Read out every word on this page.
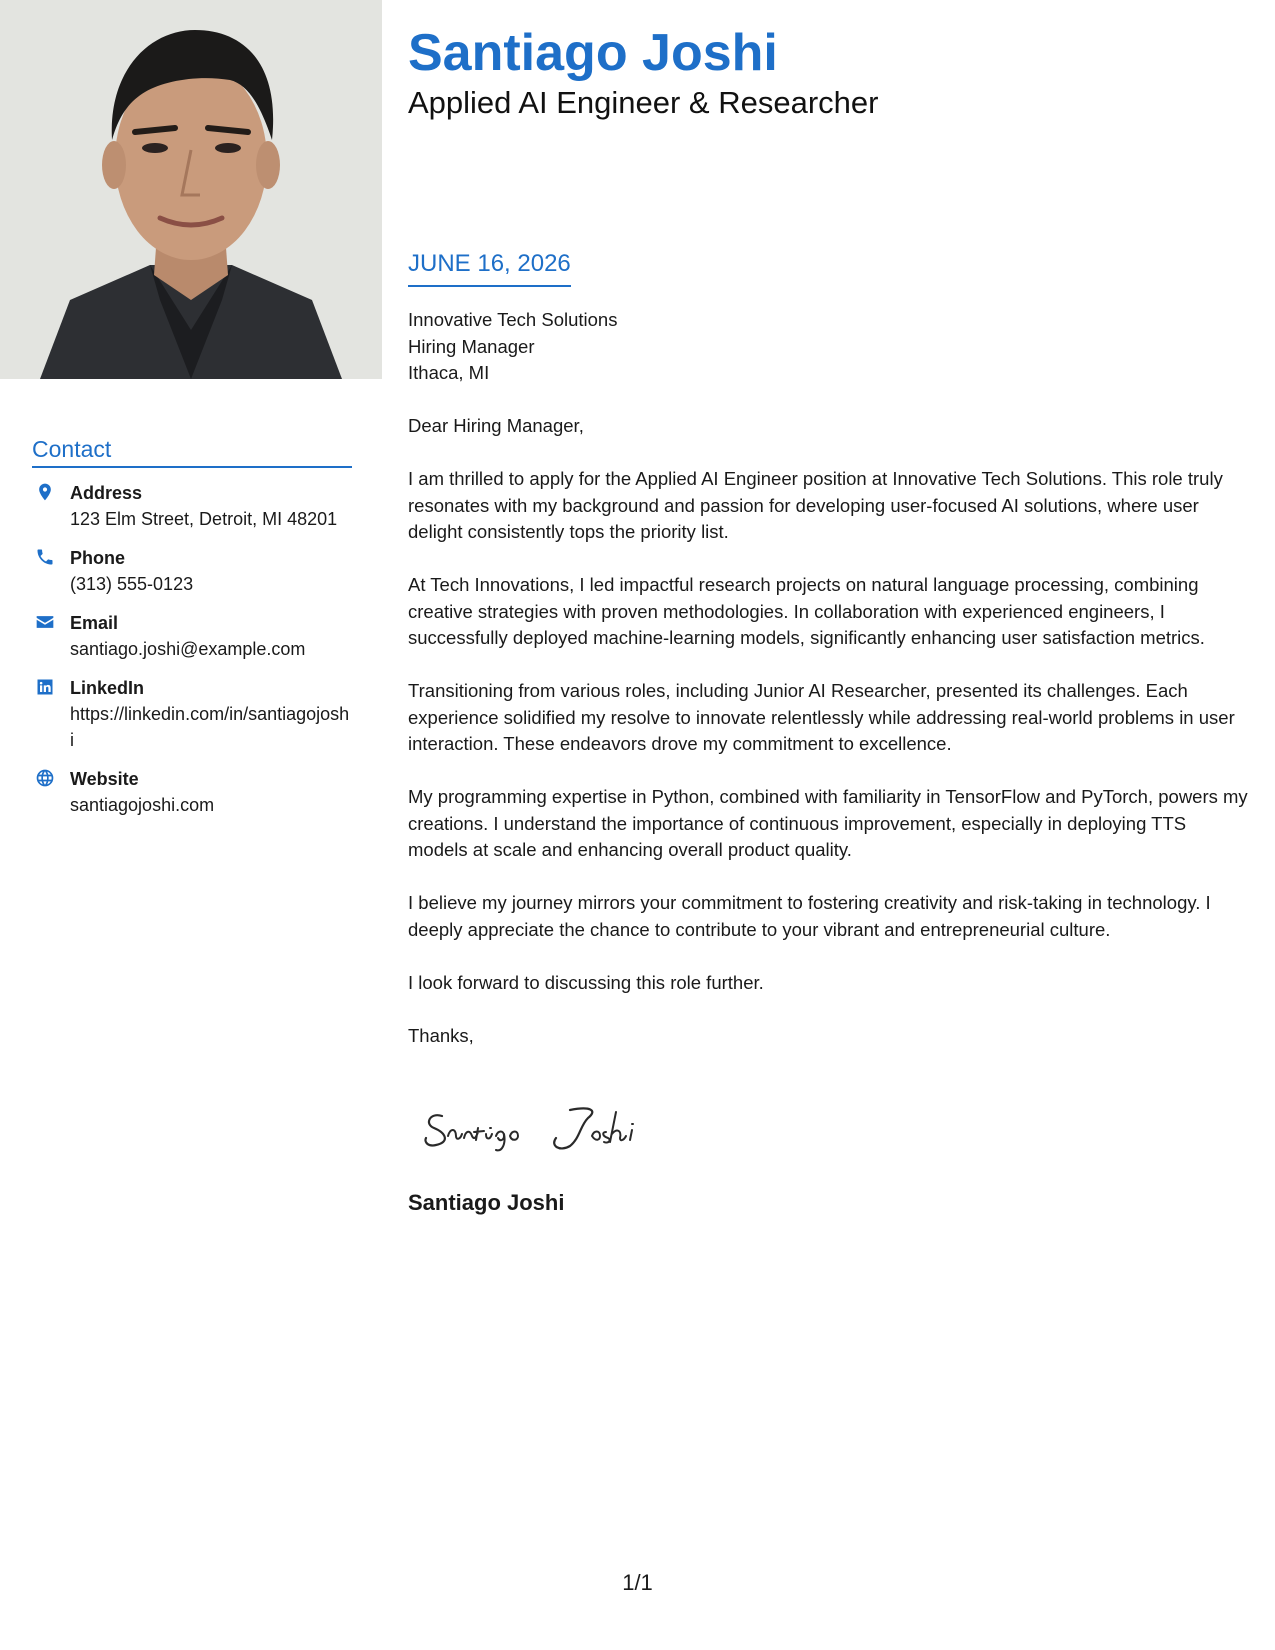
Santiago Joshi
Applied AI Engineer & Researcher
JUNE 16, 2026
Contact
Address
123 Elm Street, Detroit, MI 48201
Phone
(313) 555-0123
Email
santiago.joshi@example.com
LinkedIn
https://linkedin.com/in/santiagojoshi
Website
santiagojoshi.com

Innovative Tech Solutions

Hiring Manager

Ithaca, MI

Dear Hiring Manager,

I am thrilled to apply for the Applied AI Engineer position at Innovative Tech Solutions. This role truly resonates with my background and passion for developing user-focused AI solutions, where user delight consistently tops the priority list.

At Tech Innovations, I led impactful research projects on natural language processing, combining creative strategies with proven methodologies. In collaboration with experienced engineers, I successfully deployed machine-learning models, significantly enhancing user satisfaction metrics.

Transitioning from various roles, including Junior AI Researcher, presented its challenges. Each experience solidified my resolve to innovate relentlessly while addressing real-world problems in user interaction. These endeavors drove my commitment to excellence.

My programming expertise in Python, combined with familiarity in TensorFlow and PyTorch, powers my creations. I understand the importance of continuous improvement, especially in deploying TTS models at scale and enhancing overall product quality.

I believe my journey mirrors your commitment to fostering creativity and risk-taking in technology. I deeply appreciate the chance to contribute to your vibrant and entrepreneurial culture.

I look forward to discussing this role further.

Thanks,

Santiago Joshi
1/1
